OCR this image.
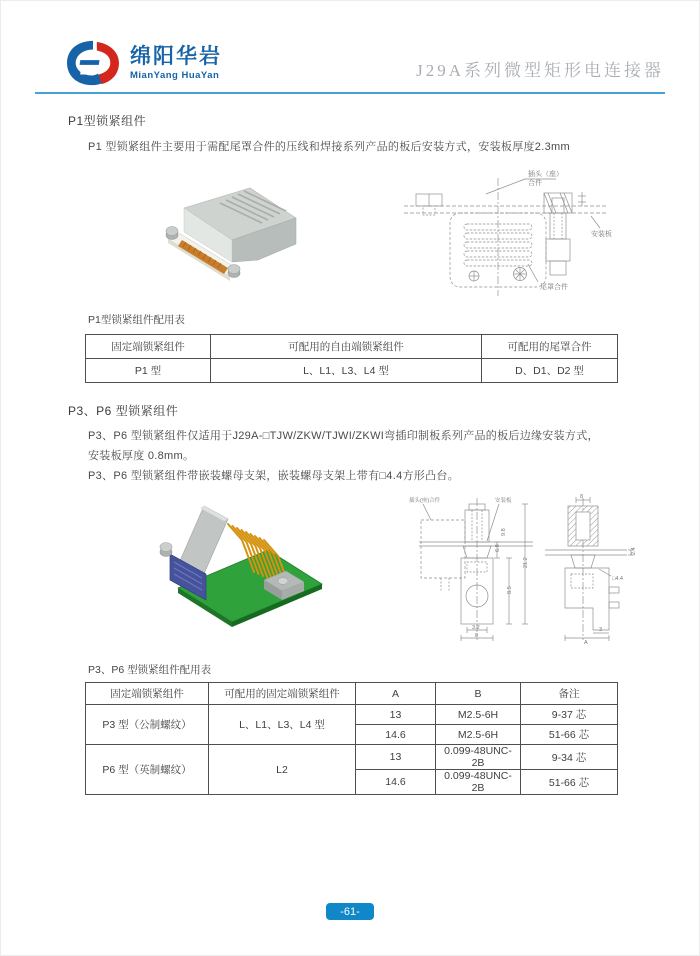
绵阳华岩
MianYang HuaYan	J29A系列微型矩形电连接器
P1型锁紧组件
P1 型锁紧组件主要用于需配尾罩合件的压线和焊接系列产品的板后安装方式，安装板厚度2.3mm
插头（座）
合件
安装板
尾罩合件
P1型锁紧组件配用表
固定端锁紧组件	可配用的自由端锁紧组件	可配用的尾罩合件
P1 型	L、L1、L3、L4 型	D、D1、D2 型
P3、P6 型锁紧组件
P3、P6 型锁紧组件仅适用于J29A-□TJW/ZKW/TJWI/ZKWI弯插印制板系列产品的板后边缘安装方式，
安装板厚度 0.8mm。
P3、P6 型锁紧组件带嵌装螺母支架，嵌装螺母支架上带有□4.4方形凸台。
插头(座)合件	安装板
6.8
9.8
8.5
21.2
3.2
8
8
2.4
□4.4
A
3
P3、P6 型锁紧组件配用表
固定端锁紧组件	可配用的固定端锁紧组件	A	B	备注
P3 型（公制螺纹）	L、L1、L3、L4 型	13	M2.5-6H	9-37 芯
		14.6	M2.5-6H	51-66 芯
P6 型（英制螺纹）	L2	13	0.099-48UNC-2B	9-34 芯
		14.6	0.099-48UNC-2B	51-66 芯
-61-
